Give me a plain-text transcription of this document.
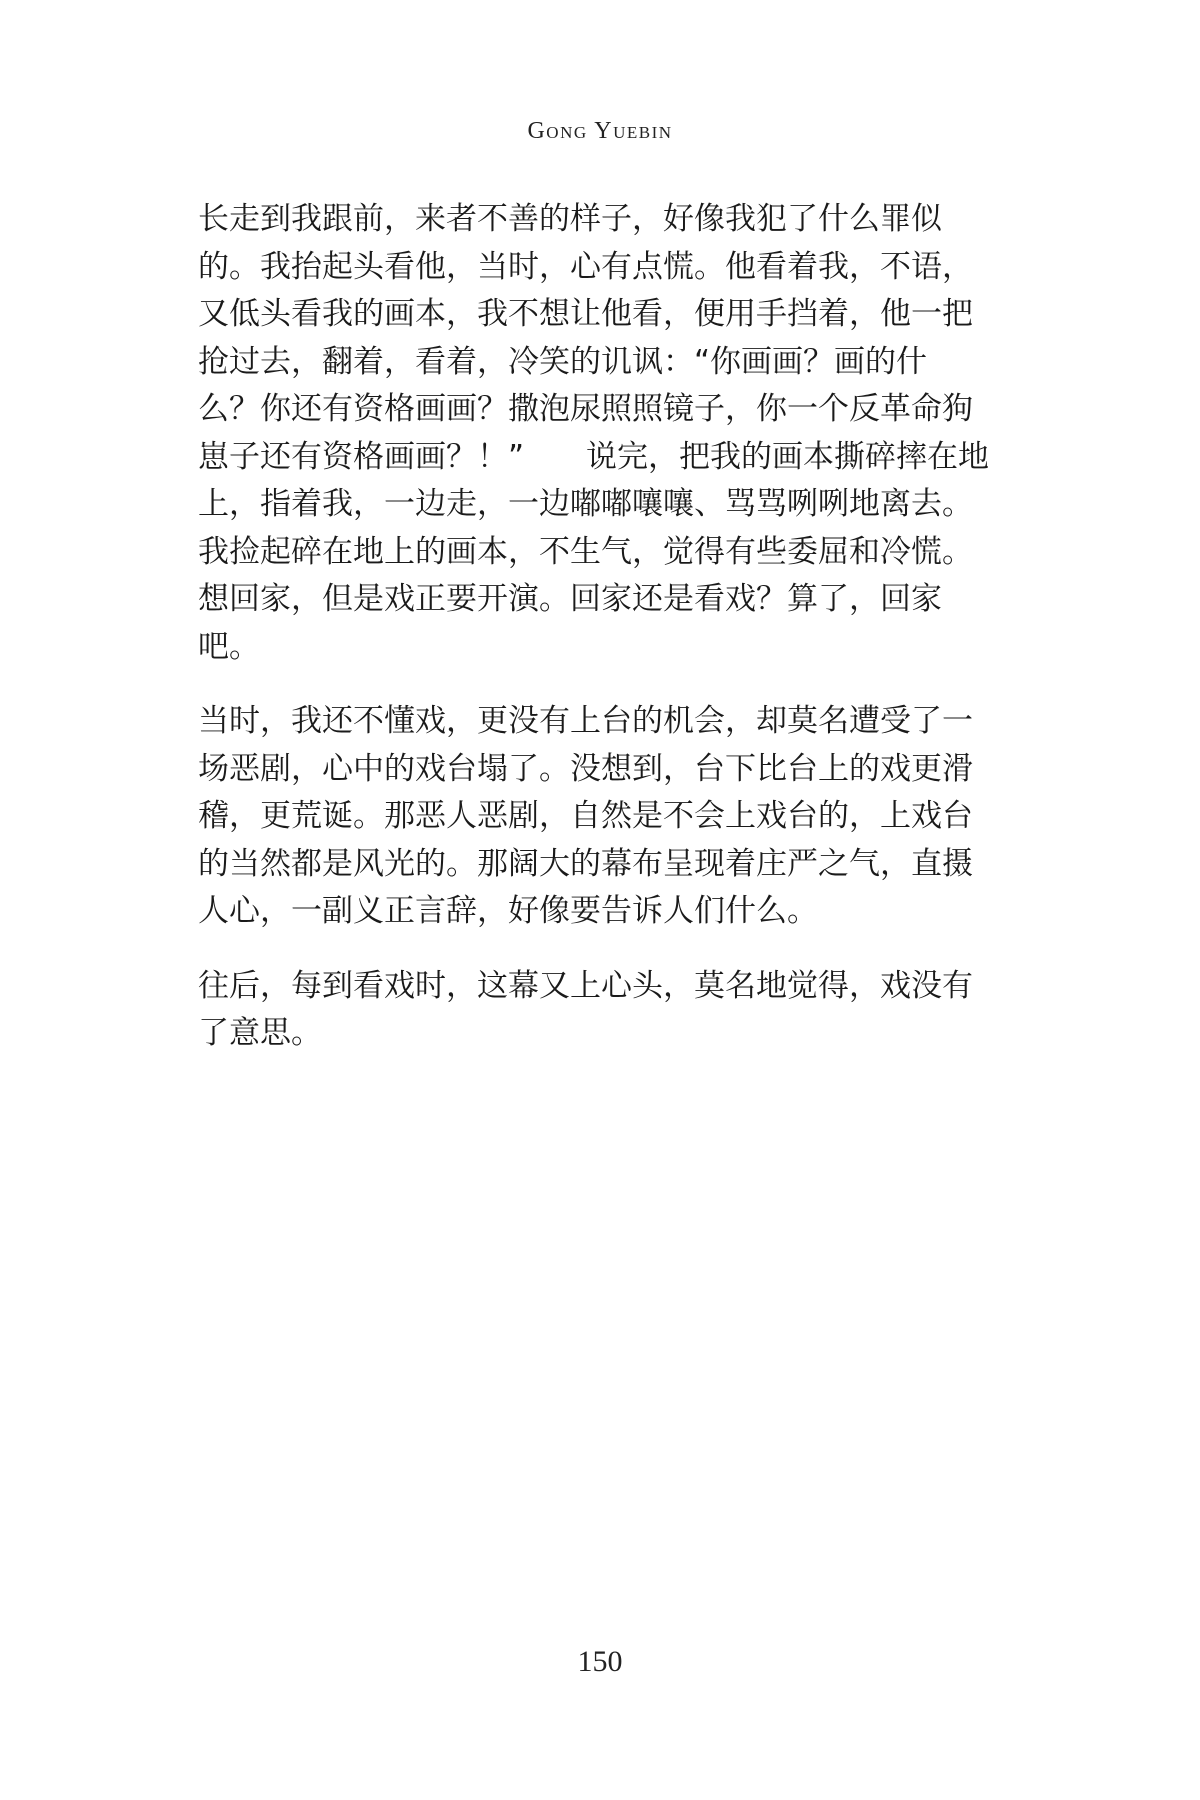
Gong Yuebin

长走到我跟前，来者不善的样子，好像我犯了什么罪似
的。我抬起头看他，当时，心有点慌。他看着我，不语，
又低头看我的画本，我不想让他看，便用手挡着，他一把
抢过去，翻着，看着，冷笑的讥讽：“你画画？画的什
么？你还有资格画画？撒泡尿照照镜子，你一个反革命狗
崽子还有资格画画？！”　　说完，把我的画本撕碎摔在地
上，指着我，一边走，一边嘟嘟嚷嚷、骂骂咧咧地离去。
我捡起碎在地上的画本，不生气，觉得有些委屈和冷慌。
想回家，但是戏正要开演。回家还是看戏？算了，回家
吧。

当时，我还不懂戏，更没有上台的机会，却莫名遭受了一
场恶剧，心中的戏台塌了。没想到，台下比台上的戏更滑
稽，更荒诞。那恶人恶剧，自然是不会上戏台的，上戏台
的当然都是风光的。那阔大的幕布呈现着庄严之气，直摄
人心，一副义正言辞，好像要告诉人们什么。

往后，每到看戏时，这幕又上心头，莫名地觉得，戏没有
了意思。

150
